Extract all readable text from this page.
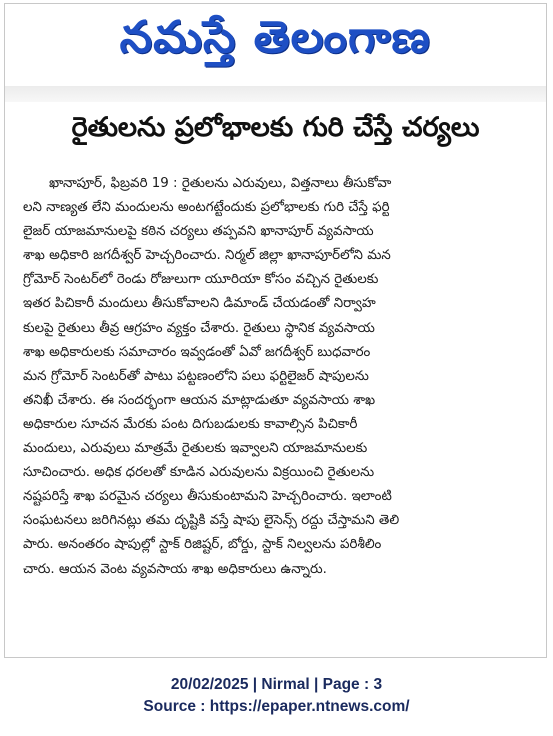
నమస్తే తెలంగాణ
రైతులను ప్రలోభాలకు గురి చేస్తే చర్యలు
ఖానాపూర్, ఫిబ్రవరి 19 : రైతులను ఎరువులు, విత్తనాలు తీసుకోవా
లని నాణ్యత లేని మందులను అంటగట్టేందుకు ప్రలోభాలకు గురి చేస్తే ఫర్టి
లైజర్ యాజమానులపై కఠిన చర్యలు తప్పవని ఖానాపూర్ వ్యవసాయ
శాఖ అధికారి జగదీశ్వర్ హెచ్చరించారు. నిర్మల్ జిల్లా ఖానాపూర్‌లోని మన
గ్రోమోర్ సెంటర్‌లో రెండు రోజులుగా యూరియా కోసం వచ్చిన రైతులకు
ఇతర పిచికారీ మందులు తీసుకోవాలని డిమాండ్ చేయడంతో నిర్వాహ
కులపై రైతులు తీవ్ర ఆగ్రహం వ్యక్తం చేశారు. రైతులు స్థానిక వ్యవసాయ
శాఖ అధికారులకు సమాచారం ఇవ్వడంతో ఏవో జగదీశ్వర్ బుధవారం
మన గ్రోమోర్ సెంటర్‌తో పాటు పట్టణంలోని పలు ఫర్టిలైజర్ షాపులను
తనిఖీ చేశారు. ఈ సందర్భంగా ఆయన మాట్లాడుతూ వ్యవసాయ శాఖ
అధికారుల సూచన మేరకు పంట దిగుబడులకు కావాల్సిన పిచికారీ
మందులు, ఎరువులు మాత్రమే రైతులకు ఇవ్వాలని యాజమానులకు
సూచించారు. అధిక ధరలతో కూడిన ఎరువులను విక్రయించి రైతులను
నష్టపరిస్తే శాఖ పరమైన చర్యలు తీసుకుంటామని హెచ్చరించారు. ఇలాంటి
సంఘటనలు జరిగినట్లు తమ దృష్టికి వస్తే షాపు లైసెన్స్ రద్దు చేస్తామని తెలి
పారు. అనంతరం షాపుల్లో స్టాక్ రిజిష్టర్, బోర్డు, స్టాక్ నిల్వలను పరిశీలిం
చారు. ఆయన వెంట వ్యవసాయ శాఖ అధికారులు ఉన్నారు.
20/02/2025 | Nirmal | Page : 3
Source : https://epaper.ntnews.com/
